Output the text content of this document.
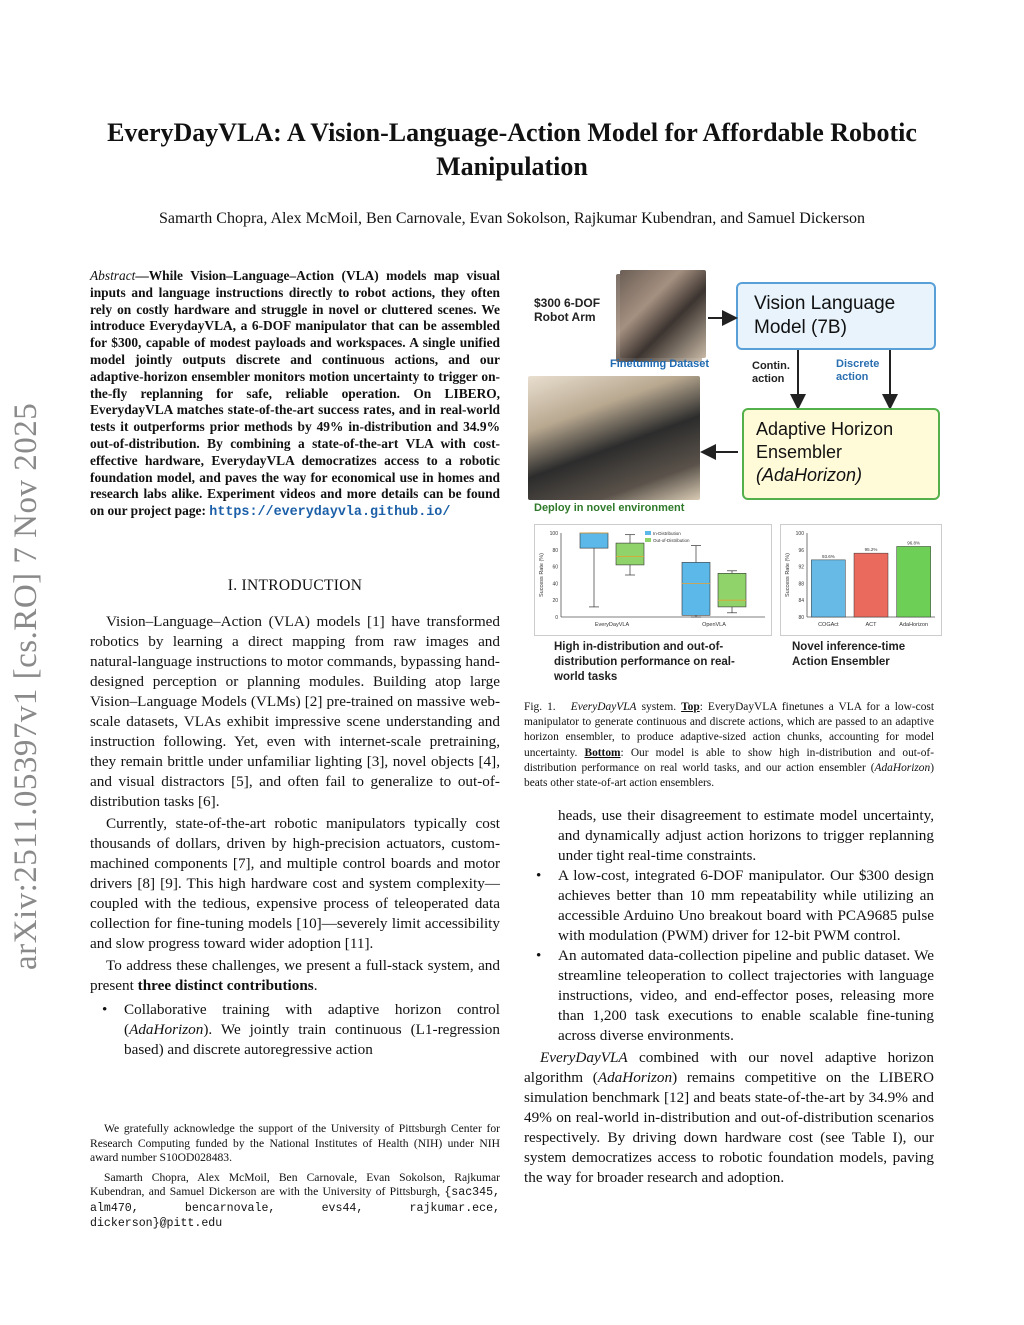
arXiv:2511.05397v1 [cs.RO] 7 Nov 2025
EveryDayVLA: A Vision-Language-Action Model for Affordable Robotic Manipulation
Samarth Chopra, Alex McMoil, Ben Carnovale, Evan Sokolson, Rajkumar Kubendran, and Samuel Dickerson
Abstract—While Vision–Language–Action (VLA) models map visual inputs and language instructions directly to robot actions, they often rely on costly hardware and struggle in novel or cluttered scenes. We introduce EverydayVLA, a 6-DOF manipulator that can be assembled for $300, capable of modest payloads and workspaces. A single unified model jointly outputs discrete and continuous actions, and our adaptive-horizon ensembler monitors motion uncertainty to trigger on-the-fly replanning for safe, reliable operation. On LIBERO, EverydayVLA matches state-of-the-art success rates, and in real-world tests it outperforms prior methods by 49% in-distribution and 34.9% out-of-distribution. By combining a state-of-the-art VLA with cost-effective hardware, EverydayVLA democratizes access to a robotic foundation model, and paves the way for economical use in homes and research labs alike. Experiment videos and more details can be found on our project page: https://everydayvla.github.io/
I. INTRODUCTION

Vision–Language–Action (VLA) models [1] have transformed robotics by learning a direct mapping from raw images and natural-language instructions to motor commands, bypassing hand-designed perception or planning modules. Building atop large Vision–Language Models (VLMs) [2] pre-trained on massive web-scale datasets, VLAs exhibit impressive scene understanding and instruction following. Yet, even with internet-scale pretraining, they remain brittle under unfamiliar lighting [3], novel objects [4], and visual distractors [5], and often fail to generalize to out-of-distribution tasks [6].

Currently, state-of-the-art robotic manipulators typically cost thousands of dollars, driven by high-precision actuators, custom-machined components [7], and multiple control boards and motor drivers [8] [9]. This high hardware cost and system complexity—coupled with the tedious, expensive process of teleoperated data collection for fine-tuning models [10]—severely limit accessibility and slow progress toward wider adoption [11].

To address these challenges, we present a full-stack system, and present three distinct contributions.

• Collaborative training with adaptive horizon control (AdaHorizon). We jointly train continuous (L1-regression based) and discrete autoregressive action

We gratefully acknowledge the support of the University of Pittsburgh Center for Research Computing funded by the National Institutes of Health (NIH) under NIH award number S10OD028483.

Samarth Chopra, Alex McMoil, Ben Carnovale, Evan Sokolson, Rajkumar Kubendran, and Samuel Dickerson are with the University of Pittsburgh, {sac345, alm470, bencarnovale, evs44, rajkumar.ece, dickerson}@pitt.edu

$300 6-DOF Robot Arm
Finetuning Dataset
Vision Language Model (7B)
Contin. action
Discrete action
Adaptive Horizon
Ensembler
(AdaHorizon)
Deploy in novel environment
0
20
40
60
80
100
Success Rate (%)
EveryDayVLA	OpenVLA
In-Distribution
Out-of-Distribution
80
84
88
92
96
100
Success Rate (%)	93.6%
COGAct
95.2%
ACT
96.8%
AdaHorizon
High in-distribution and out-of-distribution performance on real-world tasks
Novel inference-time Action Ensembler
Fig. 1. EveryDayVLA system. Top: EveryDayVLA finetunes a VLA for a low-cost manipulator to generate continuous and discrete actions, which are passed to an adaptive horizon ensembler, to produce adaptive-sized action chunks, accounting for model uncertainty. Bottom: Our model is able to show high in-distribution and out-of-distribution performance on real world tasks, and our action ensembler (AdaHorizon) beats other state-of-art action ensemblers.
heads, use their disagreement to estimate model uncertainty, and dynamically adjust action horizons to trigger replanning under tight real-time constraints.
• A low-cost, integrated 6-DOF manipulator. Our $300 design achieves better than 10 mm repeatability while utilizing an accessible Arduino Uno breakout board with PCA9685 pulse with modulation (PWM) driver for 12-bit PWM control.
• An automated data-collection pipeline and public dataset. We streamline teleoperation to collect trajectories with language instructions, video, and end-effector poses, releasing more than 1,200 task executions to enable scalable fine-tuning across diverse environments.

EveryDayVLA combined with our novel adaptive horizon algorithm (AdaHorizon) remains competitive on the LIBERO simulation benchmark [12] and beats state-of-the-art by 34.9% and 49% on real-world in-distribution and out-of-distribution scenarios respectively. By driving down hardware cost (see Table I), our system democratizes access to robotic foundation models, paving the way for broader research and adoption.
